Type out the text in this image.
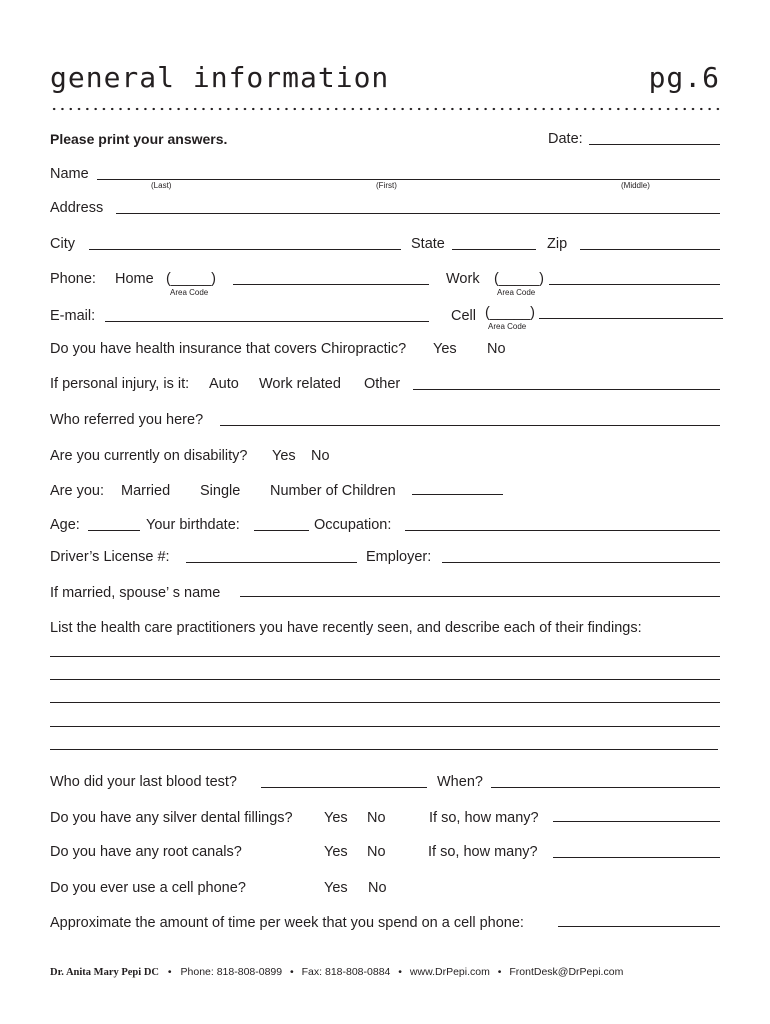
general information	pg.6
Please print your answers.	Date:
Name
(Last)	(First)	(Middle)
Address
City	State	Zip
Phone: Home (_____)
Area Code
Work (_____)
Area Code
E-mail:	Cell (_____)
Area Code
Do you have health insurance that covers Chiropractic? Yes No
If personal injury, is it: Auto Work related Other
Who referred you here?
Are you currently on disability? Yes No
Are you: Married Single Number of Children
Age:	Your birthdate:	Occupation:
Driver’s License #:	Employer:
If married, spouse’ s name
List the health care practitioners you have recently seen, and describe each of their findings:
Who did your last blood test?	When?
Do you have any silver dental fillings? Yes No	If so, how many?
Do you have any root canals?	Yes No	If so, how many?
Do you ever use a cell phone?	Yes No
Approximate the amount of time per week that you spend on a cell phone:
Dr. Anita Mary Pepi DC • Phone: 818-808-0899 • Fax: 818-808-0884 • www.DrPepi.com • FrontDesk@DrPepi.com
